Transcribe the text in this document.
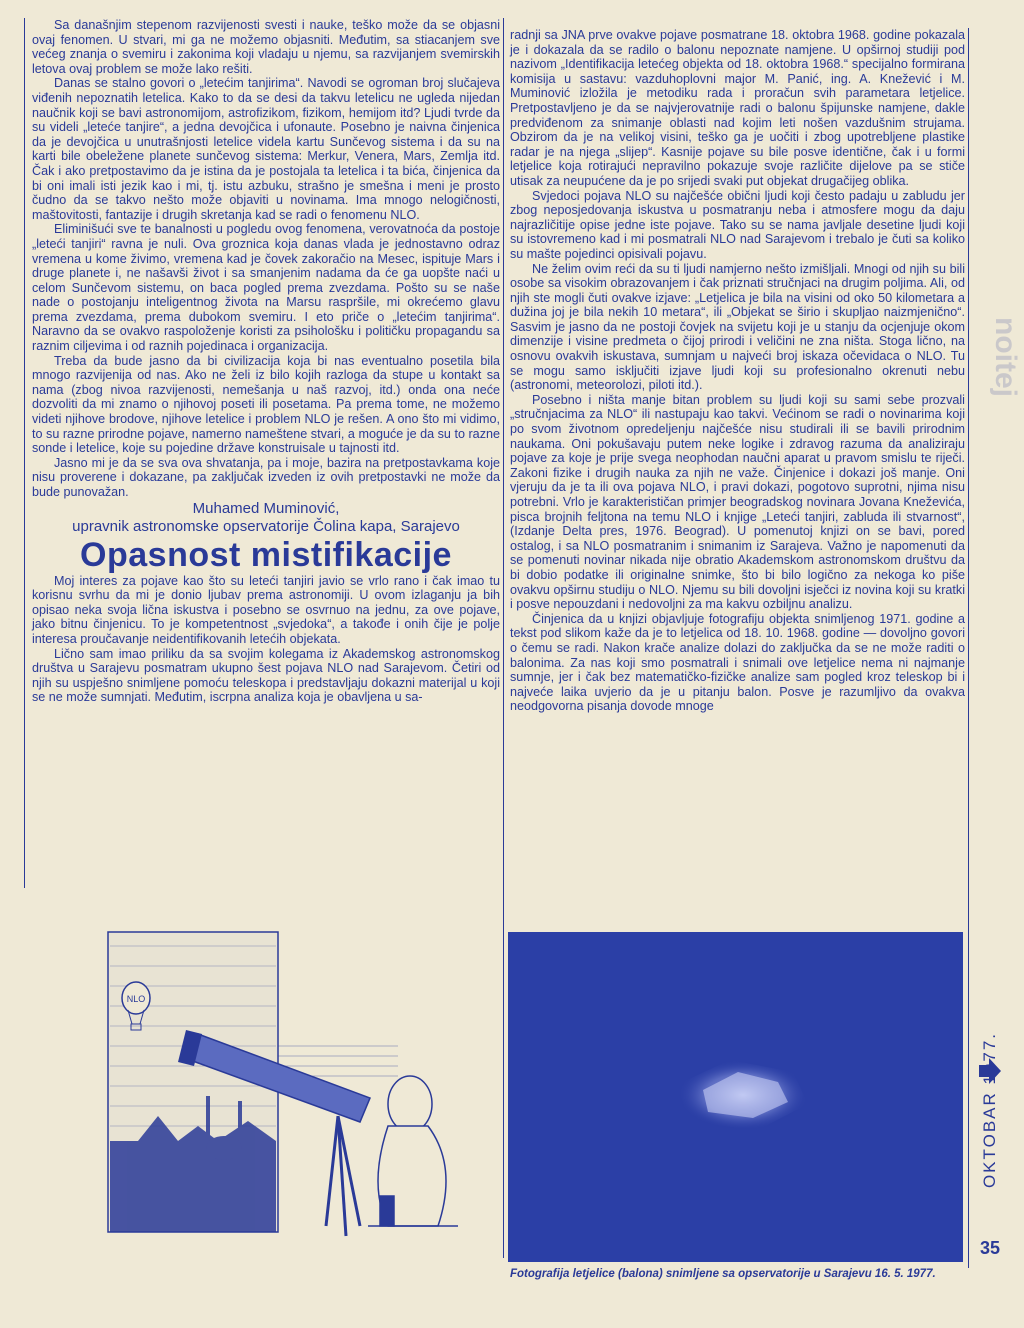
noitej

Sa današnjim stepenom razvijenosti svesti i nauke, teško može da se objasni ovaj fenomen. U stvari, mi ga ne možemo objasniti. Međutim, sa stiacanjem sve većeg znanja o svemiru i zakonima koji vladaju u njemu, sa razvijanjem svemirskih letova ovaj problem se može lako rešiti.

Danas se stalno govori o „letećim tanjirima“. Navodi se ogroman broj slučajeva viđenih nepoznatih letelica. Kako to da se desi da takvu letelicu ne ugleda nijedan naučnik koji se bavi astronomijom, astrofizikom, fizikom, hemijom itd? Ljudi tvrde da su videli „leteće tanjire“, a jedna devojčica i ufonaute. Posebno je naivna činjenica da je devojčica u unutrašnjosti letelice videla kartu Sunčevog sistema i da su na karti bile obeležene planete sunčevog sistema: Merkur, Venera, Mars, Zemlja itd. Čak i ako pretpostavimo da je istina da je postojala ta letelica i ta bića, činjenica da bi oni imali isti jezik kao i mi, tj. istu azbuku, strašno je smešna i meni je prosto čudno da se takvo nešto može objaviti u novinama. Ima mnogo nelogičnosti, maštovitosti, fantazije i drugih skretanja kad se radi o fenomenu NLO.

Eliminišući sve te banalnosti u pogledu ovog fenomena, verovatnoća da postoje „leteći tanjiri“ ravna je nuli. Ova groznica koja danas vlada je jednostavno odraz vremena u kome živimo, vremena kad je čovek zakoračio na Mesec, ispituje Mars i druge planete i, ne našavši život i sa smanjenim nadama da će ga uopšte naći u celom Sunčevom sistemu, on baca pogled prema zvezdama. Pošto su se naše nade o postojanju inteligentnog života na Marsu raspršile, mi okrećemo glavu prema zvezdama, prema dubokom svemiru. I eto priče o „letećim tanjirima“. Naravno da se ovakvo raspoloženje koristi za psihološku i političku propagandu sa raznim ciljevima i od raznih pojedinaca i organizacija.

Treba da bude jasno da bi civilizacija koja bi nas eventualno posetila bila mnogo razvijenija od nas. Ako ne želi iz bilo kojih razloga da stupe u kontakt sa nama (zbog nivoa razvijenosti, nemešanja u naš razvoj, itd.) onda ona neće dozvoliti da mi znamo o njihovoj poseti ili posetama. Pa prema tome, ne možemo videti njihove brodove, njihove letelice i problem NLO je rešen. A ono što mi vidimo, to su razne prirodne pojave, namerno nameštene stvari, a moguće je da su to razne sonde i letelice, koje su pojedine države konstruisale u tajnosti itd.

Jasno mi je da se sva ova shvatanja, pa i moje, bazira na pretpostavkama koje nisu proverene i dokazane, pa zaključak izveden iz ovih pretpostavki ne može da bude punovažan.

Muhamed Muminović,

upravnik astronomske opservatorije Čolina kapa, Sarajevo

Opasnost mistifikacije

Moj interes za pojave kao što su leteći tanjiri javio se vrlo rano i čak imao tu korisnu svrhu da mi je donio ljubav prema astronomiji. U ovom izlaganju ja bih opisao neka svoja lična iskustva i posebno se osvrnuo na jednu, za ove pojave, jako bitnu činjenicu. To je kompetentnost „svjedoka“, a takođe i onih čije je polje interesa proučavanje neidentifikovanih letećih objekata.

Lično sam imao priliku da sa svojim kolegama iz Akademskog astronomskog društva u Sarajevu posmatram ukupno šest pojava NLO nad Sarajevom. Četiri od njih su uspješno snimljene pomoću teleskopa i predstavljaju dokazni materijal u koji se ne može sumnjati. Međutim, iscrpna analiza koja je obavljena u sa-

NLO

radnji sa JNA prve ovakve pojave posmatrane 18. oktobra 1968. godine pokazala je i dokazala da se radilo o balonu nepoznate namjene. U opširnoj studiji pod nazivom „Identifikacija letećeg objekta od 18. oktobra 1968.“ specijalno formirana komisija u sastavu: vazduhoplovni major M. Panić, ing. A. Knežević i M. Muminović izložila je metodiku rada i proračun svih parametara letjelice. Pretpostavljeno je da se najvjerovatnije radi o balonu špijunske namjene, dakle predviđenom za snimanje oblasti nad kojim leti nošen vazdušnim strujama. Obzirom da je na velikoj visini, teško ga je uočiti i zbog upotrebljene plastike radar je na njega „slijep“. Kasnije pojave su bile posve identične, čak i u formi letjelice koja rotirajući nepravilno pokazuje svoje različite dijelove pa se stiče utisak za neupućene da je po srijedi svaki put objekat drugačijeg oblika.

Svjedoci pojava NLO su najčešće obični ljudi koji često padaju u zabludu jer zbog neposjedovanja iskustva u posmatranju neba i atmosfere mogu da daju najrazličitije opise jedne iste pojave. Tako su se nama javljale desetine ljudi koji su istovremeno kad i mi posmatrali NLO nad Sarajevom i trebalo je čuti sa koliko su mašte pojedinci opisivali pojavu.

Ne želim ovim reći da su ti ljudi namjerno nešto izmišljali. Mnogi od njih su bili osobe sa visokim obrazovanjem i čak priznati stručnjaci na drugim poljima. Ali, od njih ste mogli čuti ovakve izjave: „Letjelica je bila na visini od oko 50 kilometara a dužina joj je bila nekih 10 metara“, ili „Objekat se širio i skupljao naizmjenično“. Sasvim je jasno da ne postoji čovjek na svijetu koji je u stanju da ocjenjuje okom dimenzije i visine predmeta o čijoj prirodi i veličini ne zna ništa. Stoga lično, na osnovu ovakvih iskustava, sumnjam u najveći broj iskaza očevidaca o NLO. Tu se mogu samo isključiti izjave ljudi koji su profesionalno okrenuti nebu (astronomi, meteorolozi, piloti itd.).

Posebno i ništa manje bitan problem su ljudi koji su sami sebe prozvali „stručnjacima za NLO“ ili nastupaju kao takvi. Većinom se radi o novinarima koji po svom životnom opredeljenju najčešće nisu studirali ili se bavili prirodnim naukama. Oni pokušavaju putem neke logike i zdravog razuma da analiziraju pojave za koje je prije svega neophodan naučni aparat u pravom smislu te riječi. Zakoni fizike i drugih nauka za njih ne važe. Činjenice i dokazi još manje. Oni vjeruju da je ta ili ova pojava NLO, i pravi dokazi, pogotovo suprotni, njima nisu potrebni. Vrlo je karakterističan primjer beogradskog novinara Jovana Kneževića, pisca brojnih feljtona na temu NLO i knjige „Leteći tanjiri, zabluda ili stvarnost“, (Izdanje Delta pres, 1976. Beograd). U pomenutoj knjizi on se bavi, pored ostalog, i sa NLO posmatranim i snimanim iz Sarajeva. Važno je napomenuti da se pomenuti novinar nikada nije obratio Akademskom astronomskom društvu da bi dobio podatke ili originalne snimke, što bi bilo logično za nekoga ko piše ovakvu opširnu studiju o NLO. Njemu su bili dovoljni isječci iz novina koji su kratki i posve nepouzdani i nedovoljni za ma kakvu ozbiljnu analizu.

Činjenica da u knjizi objavljuje fotografiju objekta snimljenog 1971. godine a tekst pod slikom kaže da je to letjelica od 18. 10. 1968. godine — dovoljno govori o čemu se radi. Nakon krače analize dolazi do zaključka da se ne može raditi o balonima. Za nas koji smo posmatrali i snimali ove letjelice nema ni najmanje sumnje, jer i čak bez matematičko-fizičke analize sam pogled kroz teleskop bi i najveće laika uvjerio da je u pitanju balon. Posve je razumljivo da ovakva neodgovorna pisanja dovode mnoge

Fotografija letjelice (balona) snimljene sa opservatorije u Sarajevu 16. 5. 1977.
OKTOBAR 1977.
35
